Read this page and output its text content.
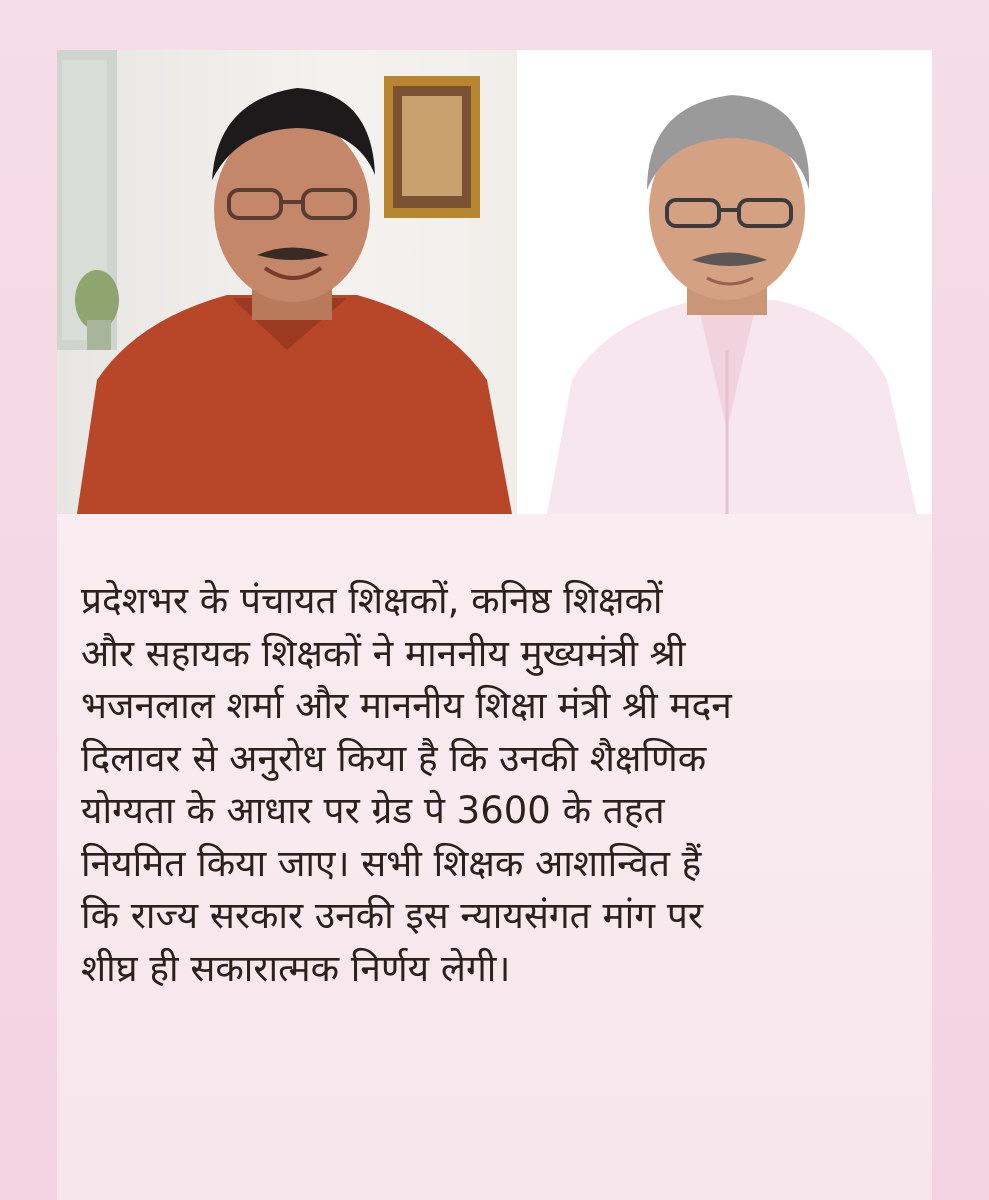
प्रदेशभर के पंचायत शिक्षकों, कनिष्ठ शिक्षकों

और सहायक शिक्षकों ने माननीय मुख्यमंत्री श्री

भजनलाल शर्मा और माननीय शिक्षा मंत्री श्री मदन

दिलावर से अनुरोध किया है कि उनकी शैक्षणिक

योग्यता के आधार पर ग्रेड पे 3600 के तहत

नियमित किया जाए। सभी शिक्षक आशान्वित हैं

कि राज्य सरकार उनकी इस न्यायसंगत मांग पर

शीघ्र ही सकारात्मक निर्णय लेगी।
